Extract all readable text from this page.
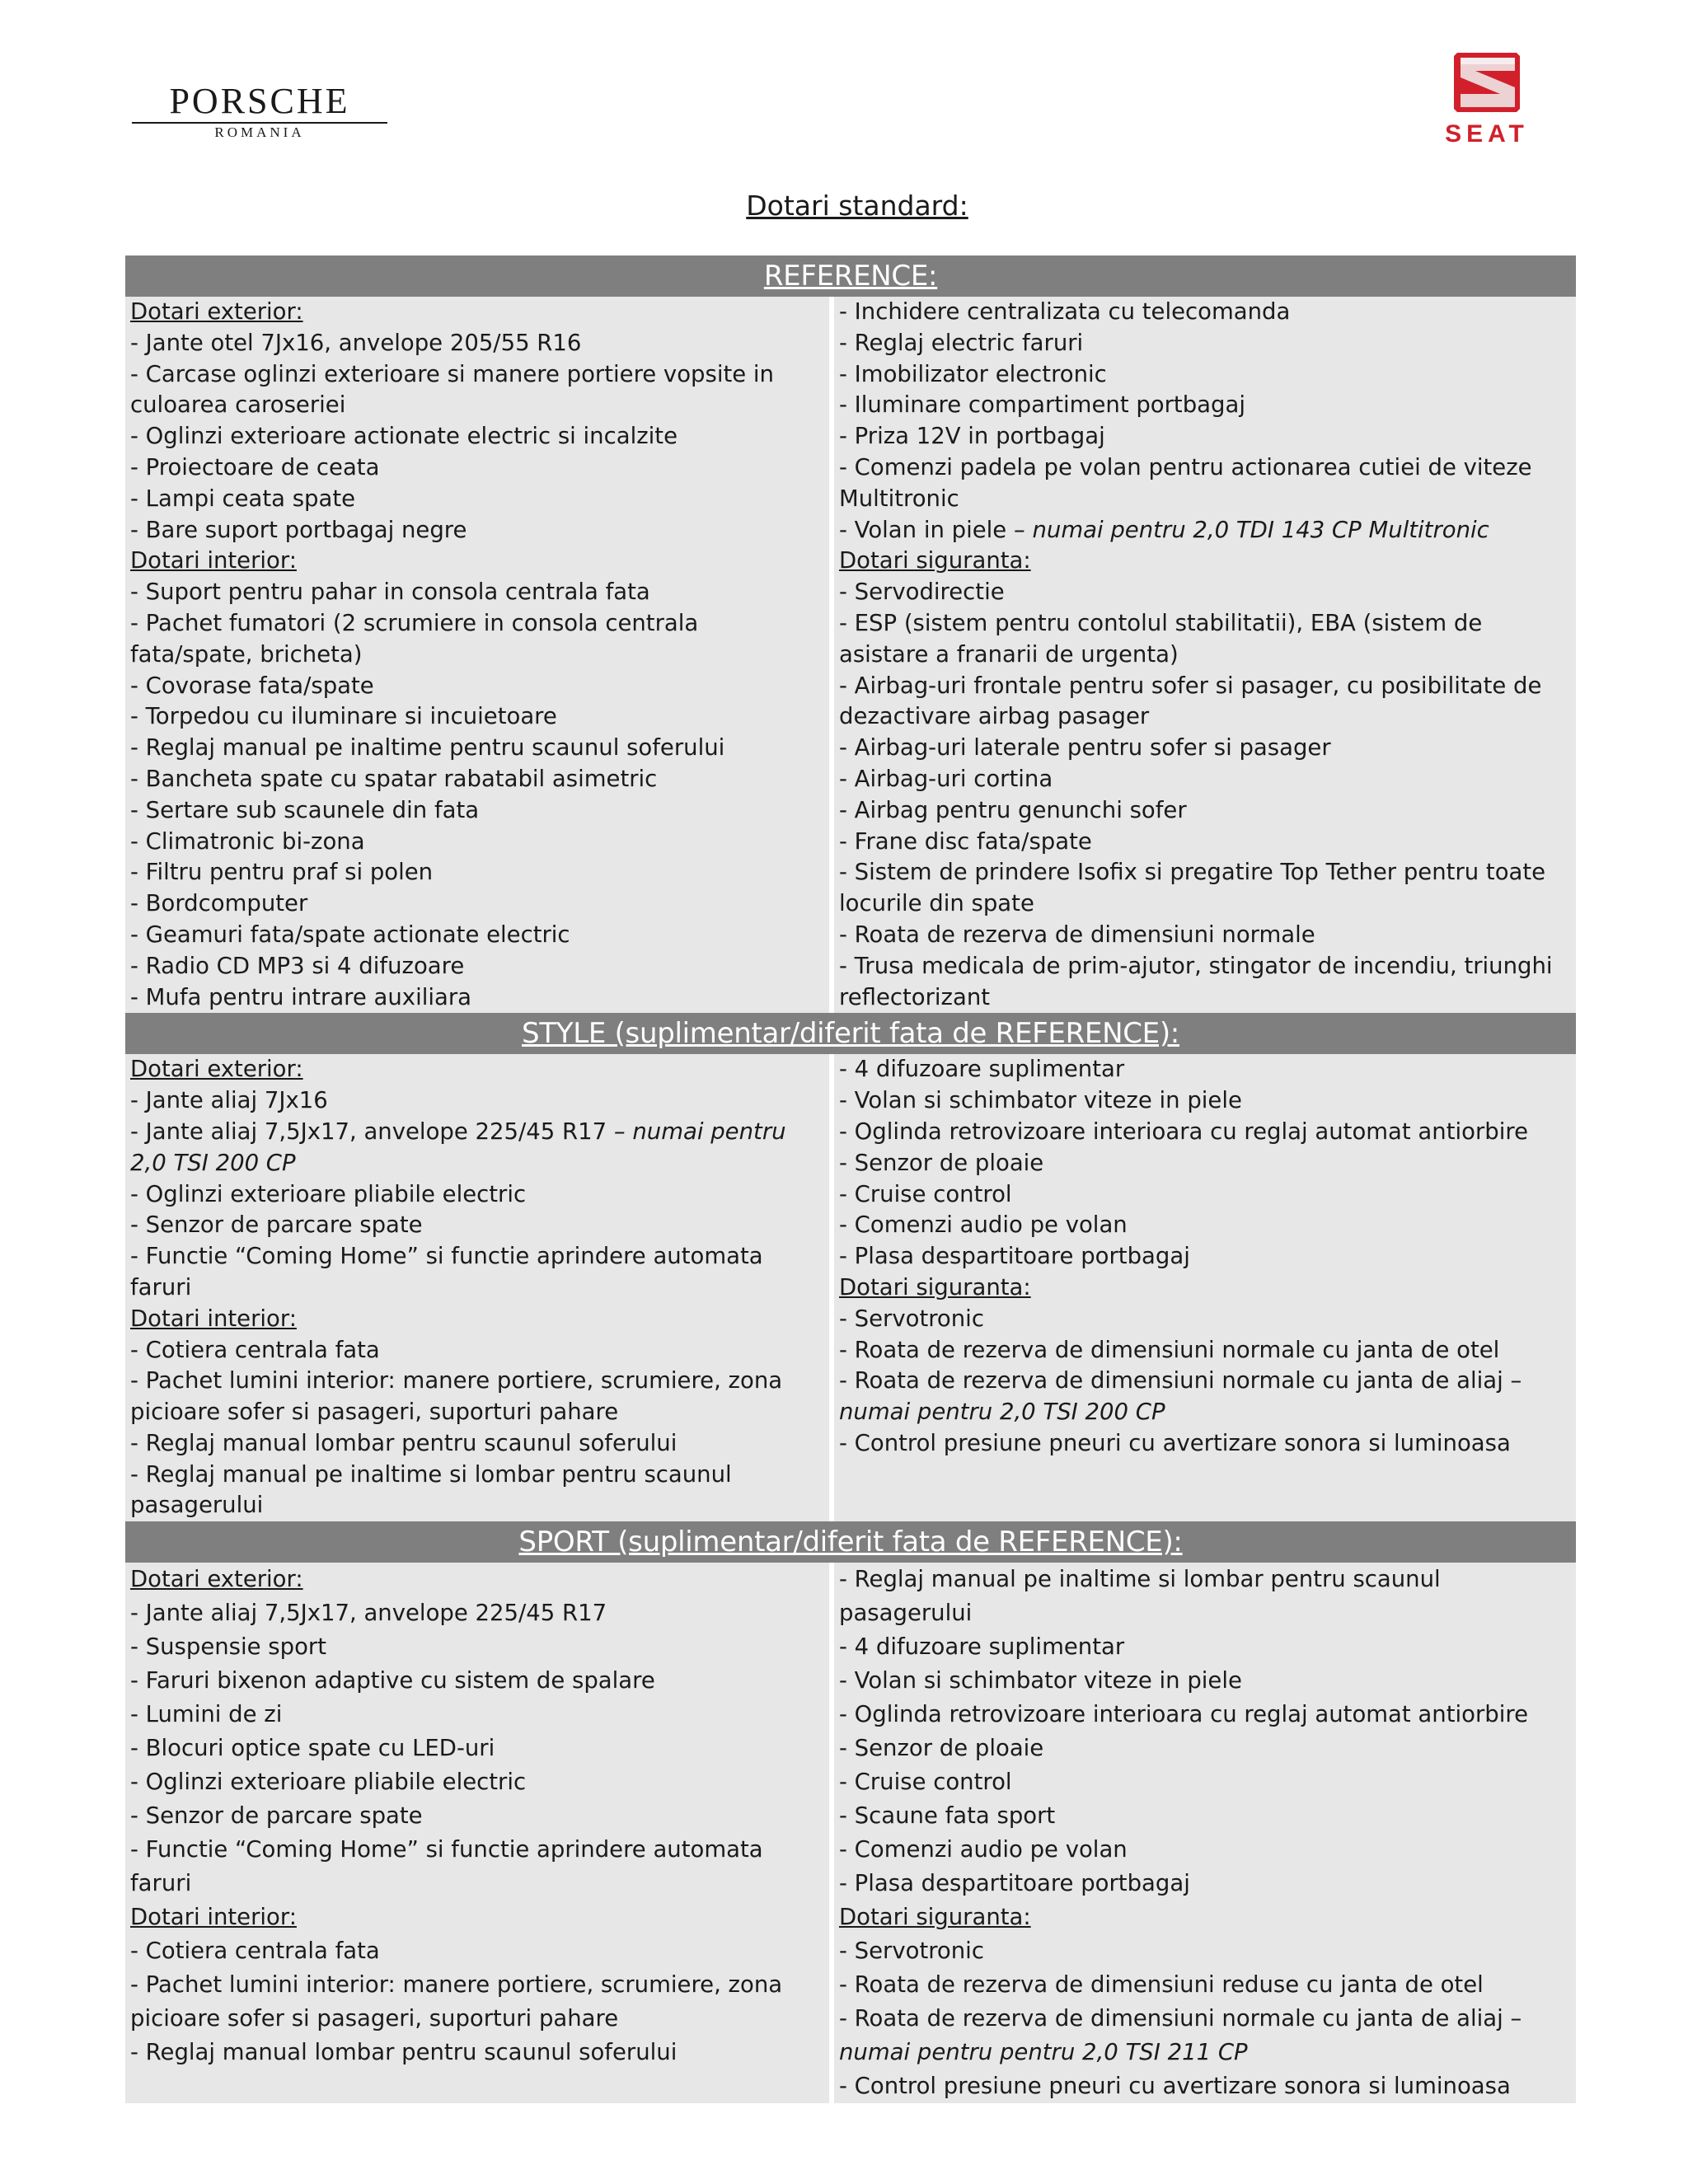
PORSCHE
ROMANIA	SEAT
Dotari standard:
REFERENCE:
Dotari exterior:
- Jante otel 7Jx16, anvelope 205/55 R16
- Carcase oglinzi exterioare si manere portiere vopsite in culoarea caroseriei
- Oglinzi exterioare actionate electric si incalzite
- Proiectoare de ceata
- Lampi ceata spate
- Bare suport portbagaj negre
Dotari interior:
- Suport pentru pahar in consola centrala fata
- Pachet fumatori (2 scrumiere in consola centrala fata/spate, bricheta)
- Covorase fata/spate
- Torpedou cu iluminare si incuietoare
- Reglaj manual pe inaltime pentru scaunul soferului
- Bancheta spate cu spatar rabatabil asimetric
- Sertare sub scaunele din fata
- Climatronic bi-zona
- Filtru pentru praf si polen
- Bordcomputer
- Geamuri fata/spate actionate electric
- Radio CD MP3 si 4 difuzoare
- Mufa pentru intrare auxiliara
- Inchidere centralizata cu telecomanda
- Reglaj electric faruri
- Imobilizator electronic
- Iluminare compartiment portbagaj
- Priza 12V in portbagaj
- Comenzi padela pe volan pentru actionarea cutiei de viteze Multitronic
- Volan in piele – numai pentru 2,0 TDI 143 CP Multitronic
Dotari siguranta:
- Servodirectie
- ESP (sistem pentru contolul stabilitatii), EBA (sistem de asistare a franarii de urgenta)
- Airbag-uri frontale pentru sofer si pasager, cu posibilitate de dezactivare airbag pasager
- Airbag-uri laterale pentru sofer si pasager
- Airbag-uri cortina
- Airbag pentru genunchi sofer
- Frane disc fata/spate
- Sistem de prindere Isofix si pregatire Top Tether pentru toate locurile din spate
- Roata de rezerva de dimensiuni normale
- Trusa medicala de prim-ajutor, stingator de incendiu, triunghi reflectorizant
STYLE (suplimentar/diferit fata de REFERENCE):
Dotari exterior:
- Jante aliaj 7Jx16
- Jante aliaj 7,5Jx17, anvelope 225/45 R17 – numai pentru 2,0 TSI 200 CP
- Oglinzi exterioare pliabile electric
- Senzor de parcare spate
- Functie “Coming Home” si functie aprindere automata faruri
Dotari interior:
- Cotiera centrala fata
- Pachet lumini interior: manere portiere, scrumiere, zona picioare sofer si pasageri, suporturi pahare
- Reglaj manual lombar pentru scaunul soferului
- Reglaj manual pe inaltime si lombar pentru scaunul pasagerului
- 4 difuzoare suplimentar
- Volan si schimbator viteze in piele
- Oglinda retrovizoare interioara cu reglaj automat antiorbire
- Senzor de ploaie
- Cruise control
- Comenzi audio pe volan
- Plasa despartitoare portbagaj
Dotari siguranta:
- Servotronic
- Roata de rezerva de dimensiuni normale cu janta de otel
- Roata de rezerva de dimensiuni normale cu janta de aliaj – numai pentru 2,0 TSI 200 CP
- Control presiune pneuri cu avertizare sonora si luminoasa
SPORT (suplimentar/diferit fata de REFERENCE):
Dotari exterior:
- Jante aliaj 7,5Jx17, anvelope 225/45 R17
- Suspensie sport
- Faruri bixenon adaptive cu sistem de spalare
- Lumini de zi
- Blocuri optice spate cu LED-uri
- Oglinzi exterioare pliabile electric
- Senzor de parcare spate
- Functie “Coming Home” si functie aprindere automata faruri
Dotari interior:
- Cotiera centrala fata
- Pachet lumini interior: manere portiere, scrumiere, zona picioare sofer si pasageri, suporturi pahare
- Reglaj manual lombar pentru scaunul soferului
- Reglaj manual pe inaltime si lombar pentru scaunul pasagerului
- 4 difuzoare suplimentar
- Volan si schimbator viteze in piele
- Oglinda retrovizoare interioara cu reglaj automat antiorbire
- Senzor de ploaie
- Cruise control
- Scaune fata sport
- Comenzi audio pe volan
- Plasa despartitoare portbagaj
Dotari siguranta:
- Servotronic
- Roata de rezerva de dimensiuni reduse cu janta de otel
- Roata de rezerva de dimensiuni normale cu janta de aliaj – numai pentru pentru 2,0 TSI 211 CP
- Control presiune pneuri cu avertizare sonora si luminoasa
